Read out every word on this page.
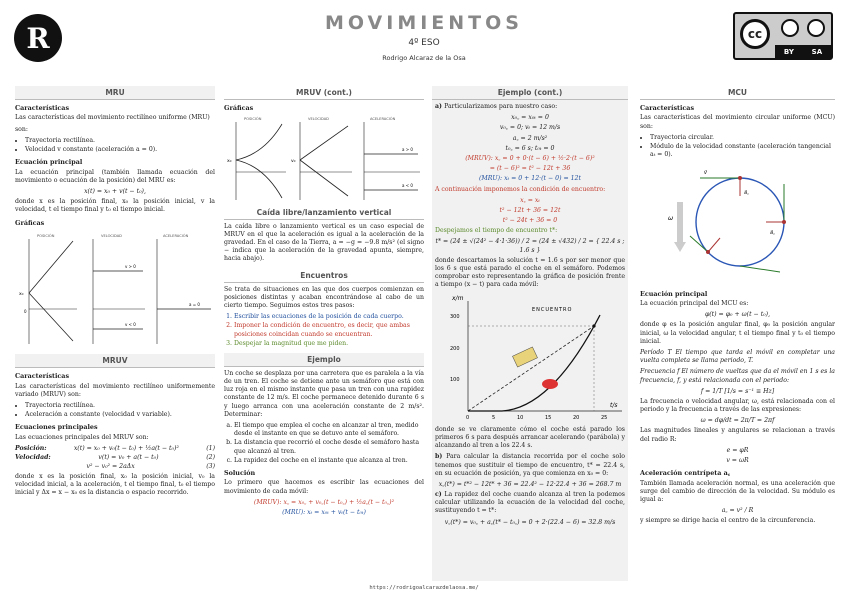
R	MOVIMIENTOS
4º ESO
Rodrigo Alcaraz de la Osa
cc
BY	SA
MRU
Características

Las características del movimiento rectilíneo uniforme (MRU)

son:

• Trayectoria rectilínea.
• Velocidad v constante (aceleración a = 0).
Ecuación principal

La ecuación principal (también llamada ecuación del movimiento o ecuación de la posición) del MRU es:

x(t) = x₀ + v(t − t₀),

donde x es la posición final, x₀ la posición inicial, v la velocidad, t el tiempo final y t₀ el tiempo inicial.

Gráficas
POSICIÓN	VELOCIDAD	ACELERACIÓN
x₀
0
v > 0
v < 0
a = 0
MRUV
Características

Las características del movimiento rectilíneo uniformemente variado (MRUV) son:

• Trayectoria rectilínea.
• Aceleración a constante (velocidad v variable).
Ecuaciones principales

Las ecuaciones principales del MRUV son:

Posición:	x(t) = x₀ + v₀(t − t₀) + ½a(t − t₀)²	(1)
Velocidad:	v(t) = v₀ + a(t − t₀)	(2)
v² − v₀² = 2aΔx	(3)

donde x es la posición final, x₀ la posición inicial, v₀ la velocidad inicial, a la aceleración, t el tiempo final, t₀ el tiempo inicial y Δx = x − x₀ es la distancia o espacio recorrido.

MRUV (cont.)
Gráficas
POSICIÓN	VELOCIDAD	ACELERACIÓN
x₀	v₀
a > 0
a < 0
Caída libre/lanzamiento vertical

La caída libre o lanzamiento vertical es un caso especial de MRUV en el que la aceleración es igual a la aceleración de la gravedad. En el caso de la Tierra, a = −g = −9.8 m/s² (el signo − indica que la aceleración de la gravedad apunta, siempre, hacia abajo).

Encuentros

Se trata de situaciones en las que dos cuerpos comienzan en posiciones distintas y acaban encontrándose al cabo de un cierto tiempo. Seguimos estos tres pasos:

1. Escribir las ecuaciones de la posición de cada cuerpo.
2. Imponer la condición de encuentro, es decir, que ambas posiciones coincidan cuando se encuentran.
3. Despejar la magnitud que me piden.
Ejemplo

Un coche se desplaza por una carretera que es paralela a la vía de un tren. El coche se detiene ante un semáforo que está con luz roja en el mismo instante que pasa un tren con una rapidez constante de 12 m/s. El coche permanece detenido durante 6 s y luego arranca con una aceleración constante de 2 m/s². Determinar:

a. El tiempo que emplea el coche en alcanzar al tren, medido desde el instante en que se detuvo ante el semáforo.
b. La distancia que recorrió el coche desde el semáforo hasta que alcanzó al tren.
c. La rapidez del coche en el instante que alcanza al tren.
Solución

Lo primero que hacemos es escribir las ecuaciones del movimiento de cada móvil:

(MRUV): x꜀ = x₀꜀ + v₀꜀(t − t₀꜀) + ½a꜀(t − t₀꜀)²
(MRU): xₜ = x₀ₜ + vₜ(t − t₀ₜ)
Ejemplo (cont.)

a) Particularizamos para nuestro caso:

x₀꜀ = x₀ₜ = 0
v₀꜀ = 0; vₜ = 12 m/s
a꜀ = 2 m/s²
t₀꜀ = 6 s; t₀ₜ = 0
(MRUV): x꜀ = 0 + 0·(t − 6) + ½·2·(t − 6)²
= (t − 6)² = t² − 12t + 36
(MRU): xₜ = 0 + 12·(t − 0) = 12t

A continuación imponemos la condición de encuentro:

x꜀ = xₜ
t² − 12t + 36 = 12t
t² − 24t + 36 = 0

Despejamos el tiempo de encuentro t*:

t* = (24 ± √(24² − 4·1·36)) / 2 = (24 ± √432) / 2 = { 22.4 s ; 1.6 s }

donde descartamos la solución t = 1.6 s por ser menor que los 6 s que está parado el coche en el semáforo. Podemos comprobar esto representando la gráfica de posición frente a tiempo (x − t) para cada móvil:

x/m
t/s
100
200
300
0	5	10	15	20	25
ENCUENTRO

donde se ve claramente cómo el coche está parado los primeros 6 s para después arrancar acelerando (parábola) y alcanzando al tren a los 22.4 s.

b) Para calcular la distancia recorrida por el coche solo tenemos que sustituir el tiempo de encuentro, t* = 22.4 s, en su ecuación de posición, ya que comienza en x₀ = 0:

x꜀(t*) = t*² − 12t* + 36 = 22.4² − 12·22.4 + 36 = 268.7 m

c) La rapidez del coche cuando alcanza al tren la podemos calcular utilizando la ecuación de la velocidad del coche, sustituyendo t = t*:

v꜀(t*) = v₀꜀ + a꜀(t* − t₀꜀) = 0 + 2·(22.4 − 6) = 32.8 m/s
MCU
Características

Las características del movimiento circular uniforme (MCU) son:

• Trayectoria circular.
• Módulo de la velocidad constante (aceleración tangencial aₜ = 0).
ω
v⃗
a⃗꜀
a⃗꜀
Ecuación principal

La ecuación principal del MCU es:

φ(t) = φ₀ + ω(t − t₀),

donde φ es la posición angular final, φ₀ la posición angular inicial, ω la velocidad angular, t el tiempo final y t₀ el tiempo inicial.

Período T El tiempo que tarda el móvil en completar una vuelta completa se llama periodo, T.

Frecuencia f El número de vueltas que da el móvil en 1 s es la frecuencia, f, y está relacionada con el periodo:

f = 1/T [1/s = s⁻¹ ≡ Hz]

La frecuencia o velocidad angular, ω, está relacionada con el periodo y la frecuencia a través de las expresiones:

ω = dφ/dt = 2π/T = 2πf

Las magnitudes lineales y angulares se relacionan a través del radio R:

e = φR
v = ωR
Aceleración centrípeta a꜀

También llamada aceleración normal, es una aceleración que surge del cambio de dirección de la velocidad. Su módulo es igual a:

a꜀ = v² / R

y siempre se dirige hacia el centro de la circunferencia.

https://rodrigoalcarazdelaosa.me/
